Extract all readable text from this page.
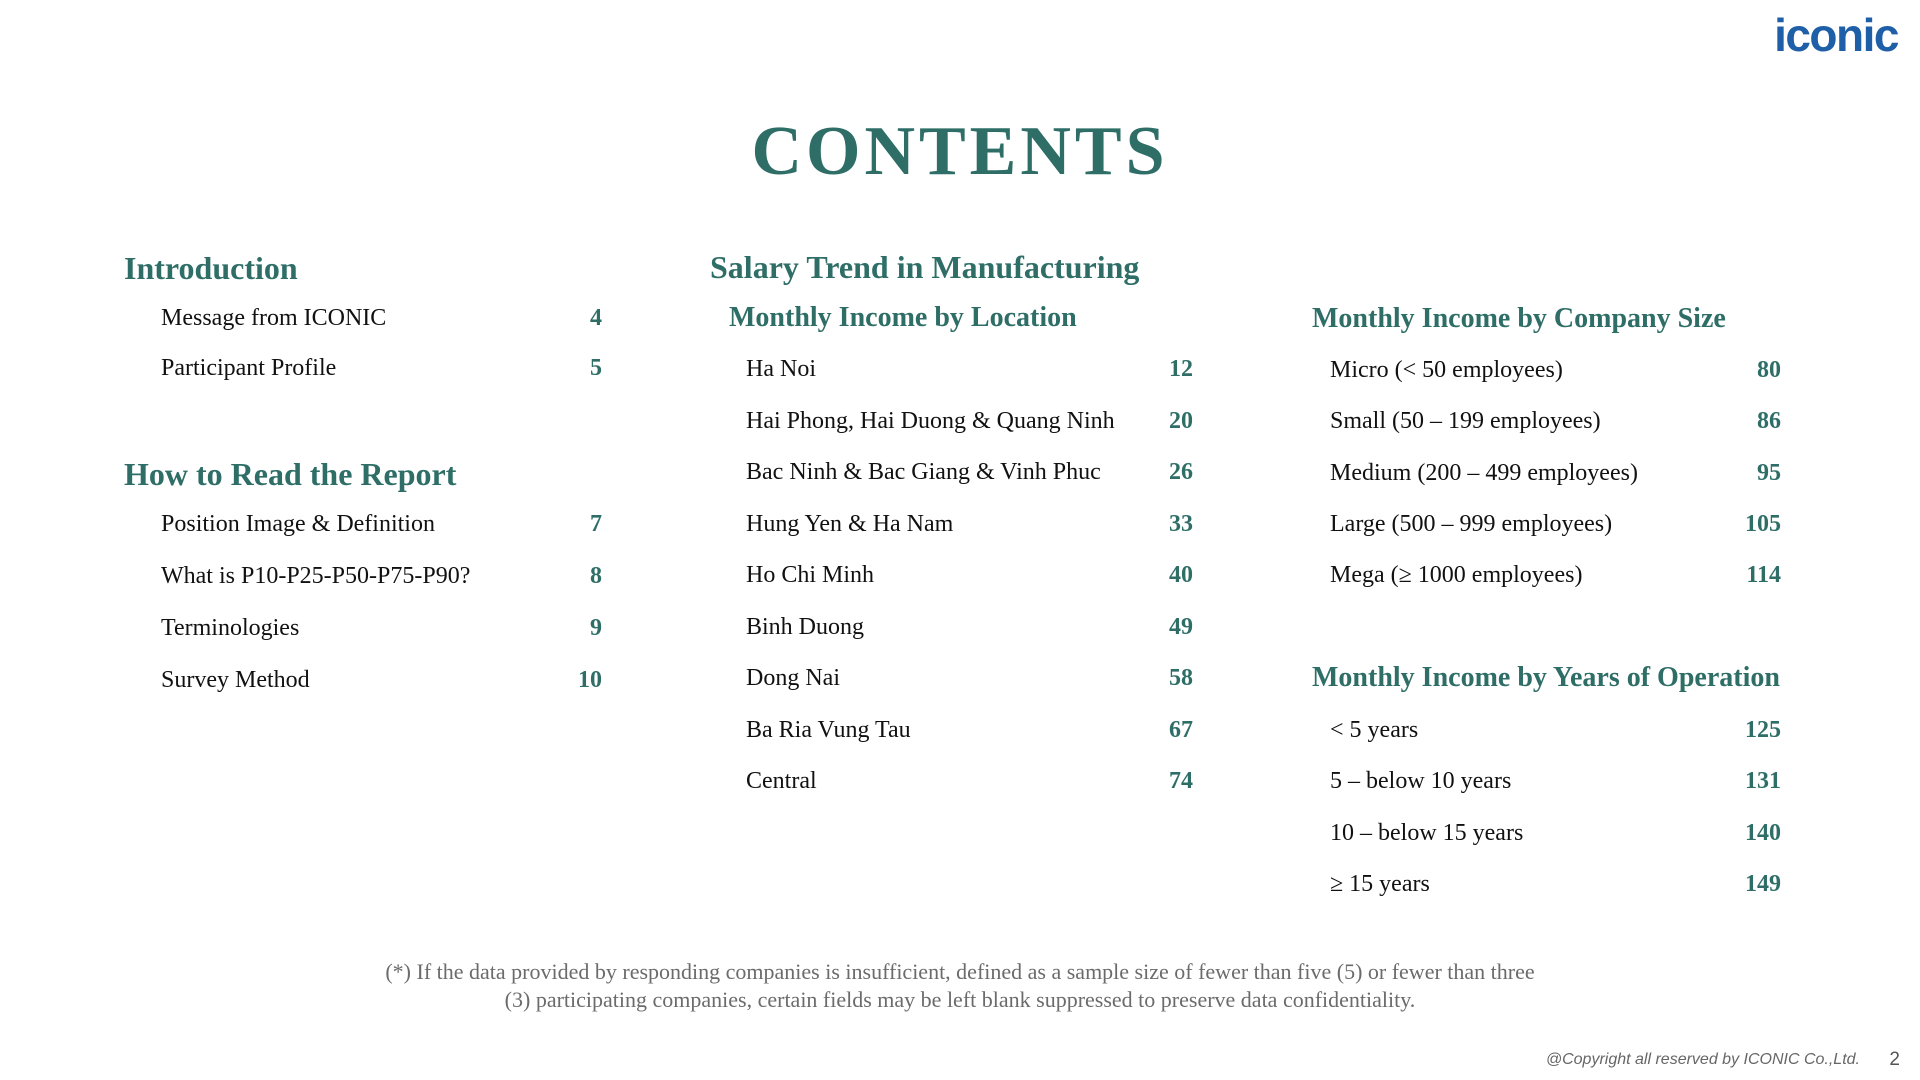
iconic
CONTENTS
Introduction
Message from ICONIC	4
Participant Profile	5
How to Read the Report
Position Image & Definition	7
What is P10-P25-P50-P75-P90?	8
Terminologies	9
Survey Method	10
Salary Trend in Manufacturing
Monthly Income by Location
Ha Noi	12
Hai Phong, Hai Duong & Quang Ninh	20
Bac Ninh & Bac Giang & Vinh Phuc	26
Hung Yen & Ha Nam	33
Ho Chi Minh	40
Binh Duong	49
Dong Nai	58
Ba Ria Vung Tau	67
Central	74
Monthly Income by Company Size
Micro (< 50 employees)	80
Small (50 – 199 employees)	86
Medium (200 – 499 employees)	95
Large (500 – 999 employees)	105
Mega (≥ 1000 employees)	114
Monthly Income by Years of Operation
< 5 years	125
5 – below 10 years	131
10 – below 15 years	140
≥ 15 years	149

(*) If the data provided by responding companies is insufficient, defined as a sample size of fewer than five (5) or fewer than three
(3) participating companies, certain fields may be left blank suppressed to preserve data confidentiality.

@Copyright all reserved by ICONIC Co.,Ltd. 2
